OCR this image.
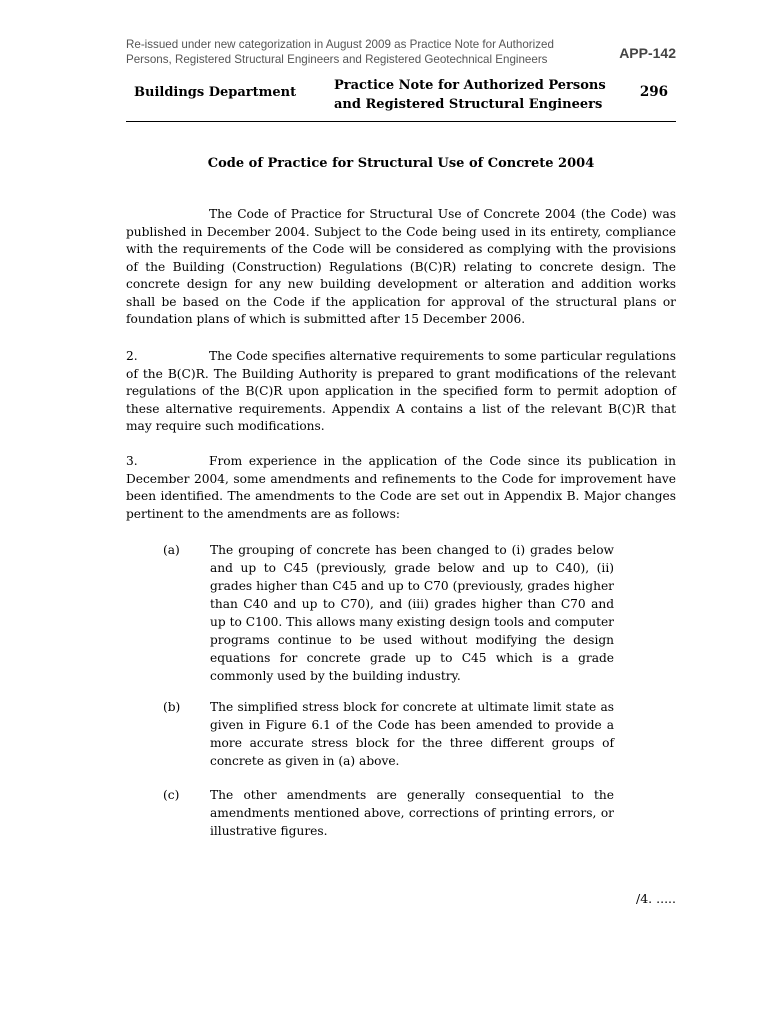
Re-issued under new categorization in August 2009 as Practice Note for Authorized
Persons, Registered Structural Engineers and Registered Geotechnical Engineers	APP-142
Buildings Department	Practice Note for Authorized Persons
and Registered Structural Engineers
296
Code of Practice for Structural Use of Concrete 2004

The Code of Practice for Structural Use of Concrete 2004 (the Code) was published in December 2004. Subject to the Code being used in its entirety, compliance with the requirements of the Code will be considered as complying with the provisions of the Building (Construction) Regulations (B(C)R) relating to concrete design. The concrete design for any new building development or alteration and addition works shall be based on the Code if the application for approval of the structural plans or foundation plans of which is submitted after 15 December 2006.

2.	The Code specifies alternative requirements to some particular regulations of the B(C)R. The Building Authority is prepared to grant modifications of the relevant regulations of the B(C)R upon application in the specified form to permit adoption of these alternative requirements. Appendix A contains a list of the relevant B(C)R that may require such modifications.

3.	From experience in the application of the Code since its publication in December 2004, some amendments and refinements to the Code for improvement have been identified. The amendments to the Code are set out in Appendix B. Major changes pertinent to the amendments are as follows:

(a) The grouping of concrete has been changed to (i) grades below and up to C45 (previously, grade below and up to C40), (ii) grades higher than C45 and up to C70 (previously, grades higher than C40 and up to C70), and (iii) grades higher than C70 and up to C100. This allows many existing design tools and computer programs continue to be used without modifying the design equations for concrete grade up to C45 which is a grade commonly used by the building industry.

(b) The simplified stress block for concrete at ultimate limit state as given in Figure 6.1 of the Code has been amended to provide a more accurate stress block for the three different groups of concrete as given in (a) above.

(c)	The other amendments are generally consequential to the amendments mentioned above, corrections of printing errors, or illustrative figures.

/4. .....
